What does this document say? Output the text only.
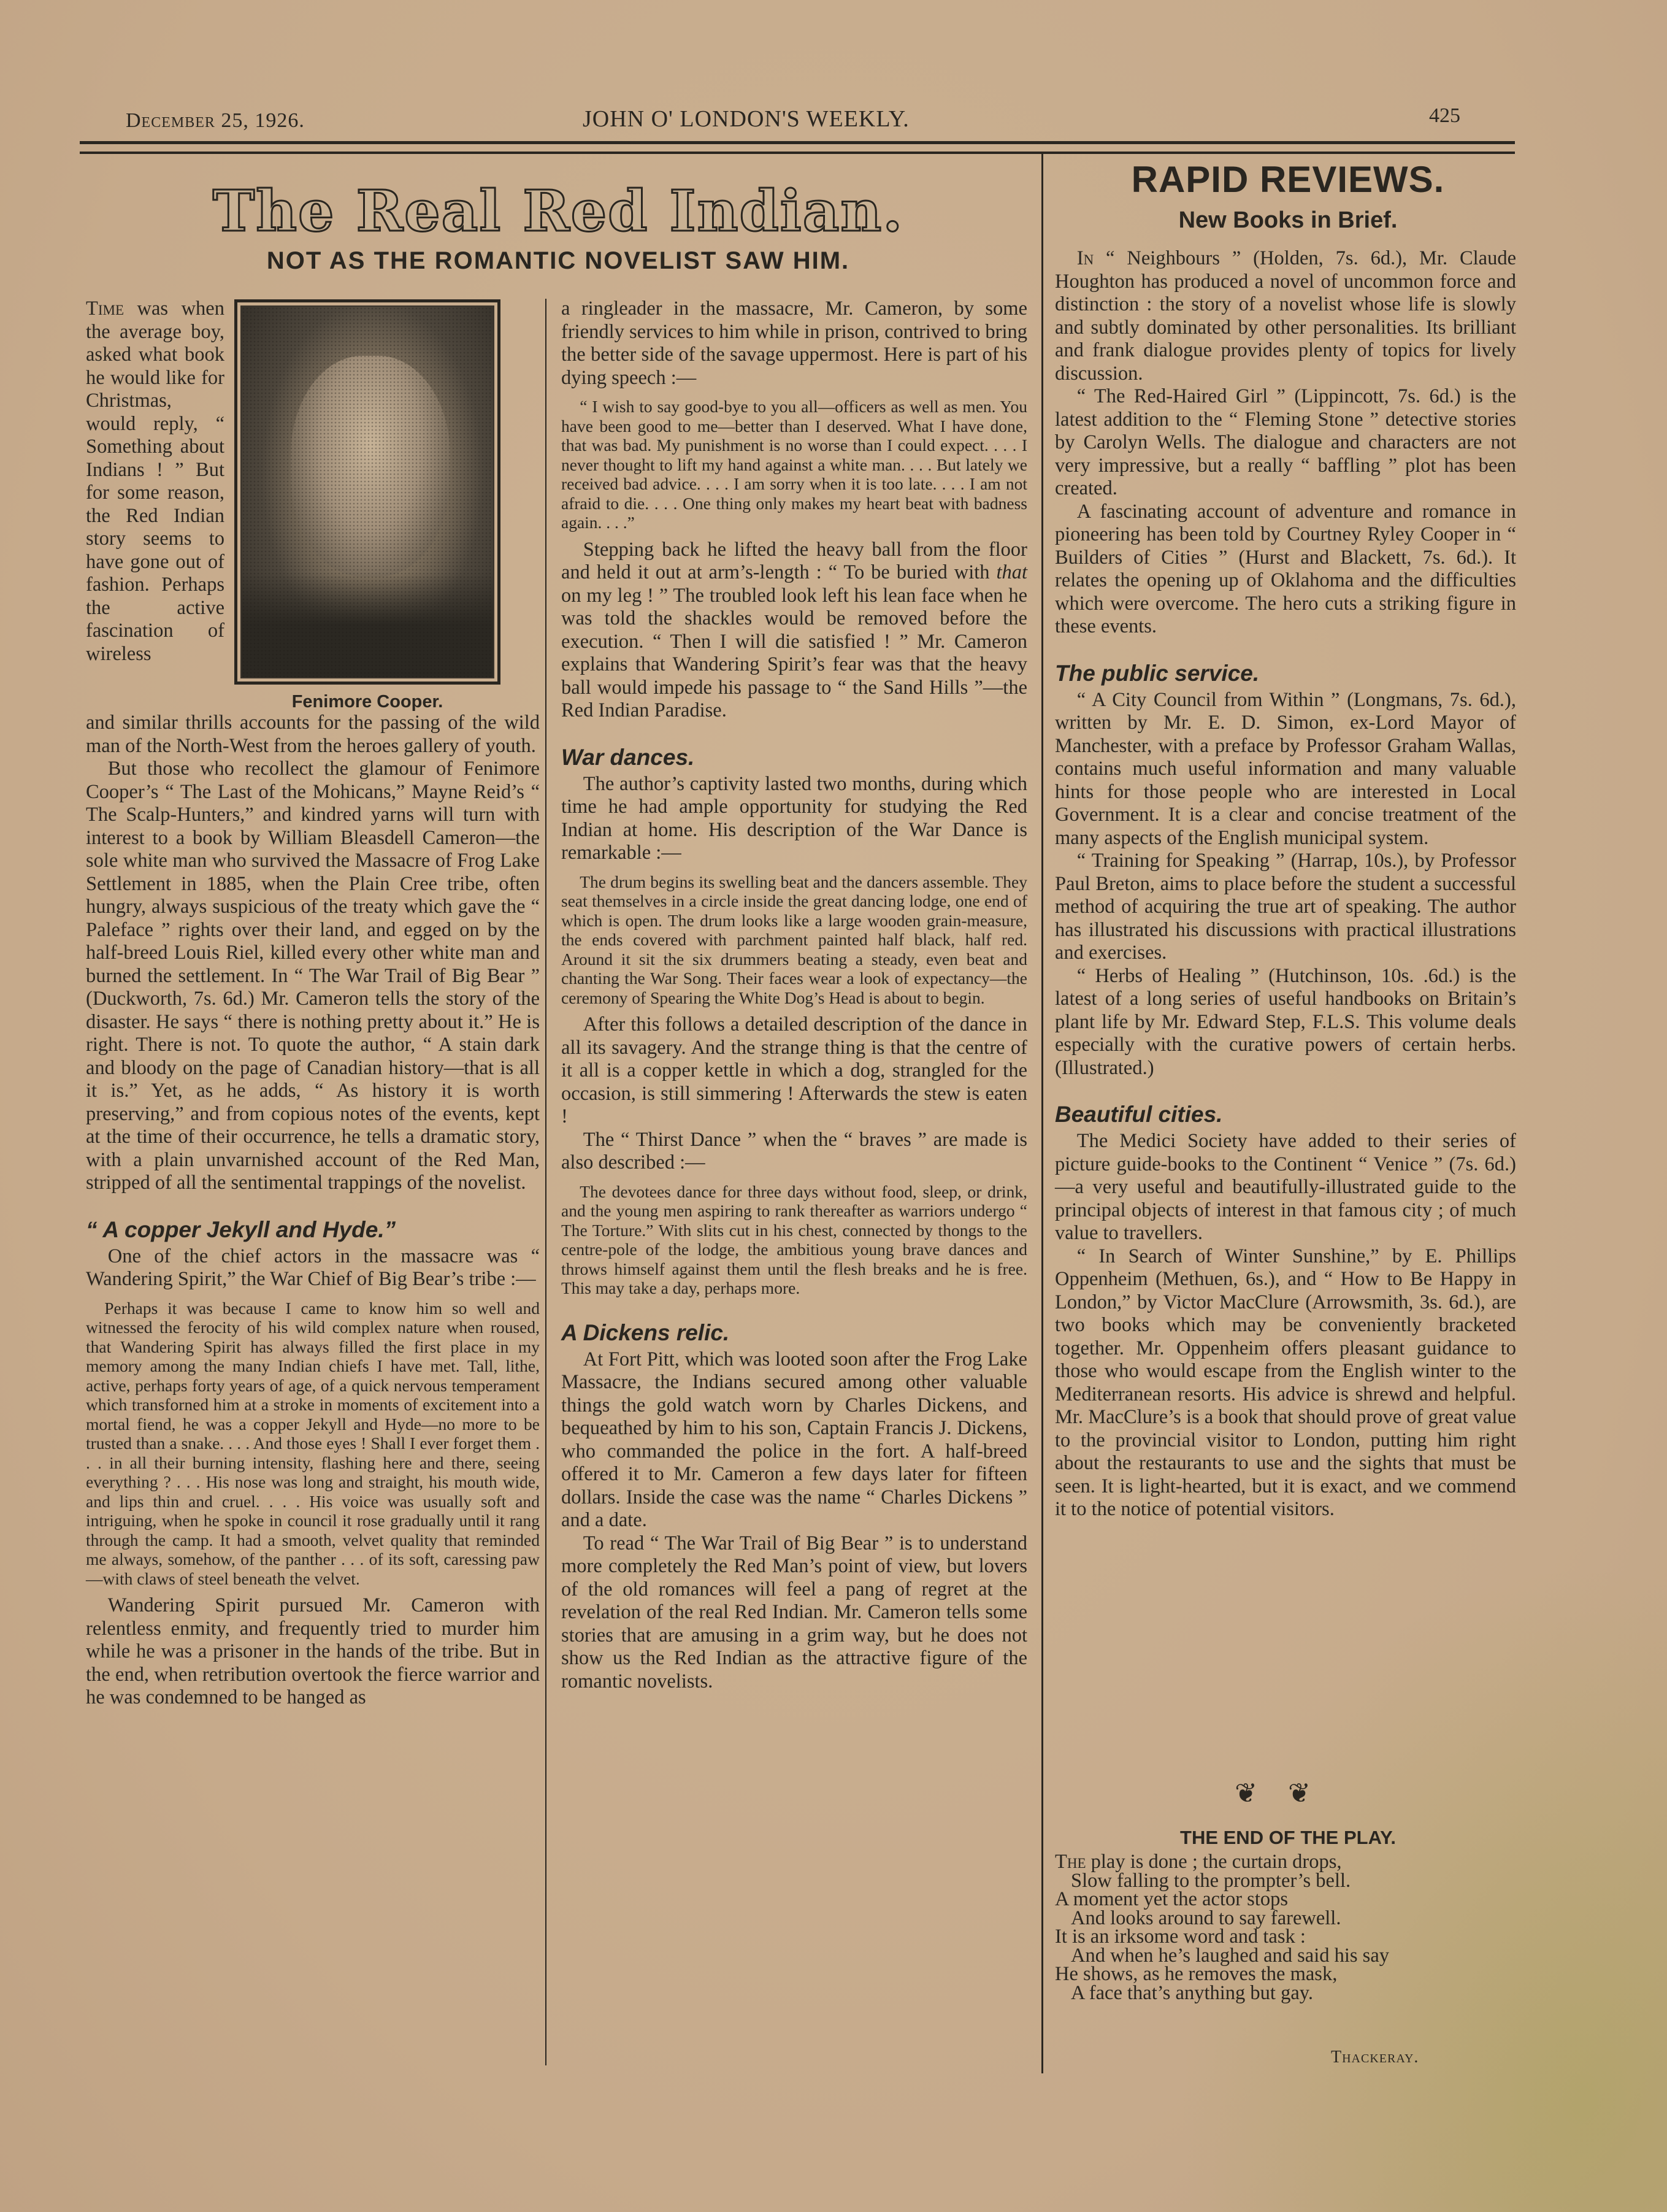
December 25, 1926.	JOHN O' LONDON'S WEEKLY.	425
The Real Red Indian.
NOT AS THE ROMANTIC NOVELIST SAW HIM.

Time was when the average boy, asked what book he would like for Christmas, would reply, “ Something about Indians ! ” But for some reason, the Red Indian story seems to have gone out of fashion. Perhaps the active fascination of wireless

Fenimore Cooper.

and similar thrills accounts for the passing of the wild man of the North-West from the heroes gallery of youth.

But those who recollect the glamour of Fenimore Cooper’s “ The Last of the Mohicans,” Mayne Reid’s “ The Scalp-Hunters,” and kindred yarns will turn with interest to a book by William Bleasdell Cameron—the sole white man who survived the Massacre of Frog Lake Settlement in 1885, when the Plain Cree tribe, often hungry, always suspicious of the treaty which gave the “ Paleface ” rights over their land, and egged on by the half-breed Louis Riel, killed every other white man and burned the settlement. In “ The War Trail of Big Bear ” (Duckworth, 7s. 6d.) Mr. Cameron tells the story of the disaster. He says “ there is nothing pretty about it.” He is right. There is not. To quote the author, “ A stain dark and bloody on the page of Canadian history—that is all it is.” Yet, as he adds, “ As history it is worth preserving,” and from copious notes of the events, kept at the time of their occurrence, he tells a dramatic story, with a plain unvarnished account of the Red Man, stripped of all the sentimental trappings of the novelist.

“ A copper Jekyll and Hyde.”

One of the chief actors in the massacre was “ Wandering Spirit,” the War Chief of Big Bear’s tribe :—

Perhaps it was because I came to know him so well and witnessed the ferocity of his wild complex nature when roused, that Wandering Spirit has always filled the first place in my memory among the many Indian chiefs I have met. Tall, lithe, active, perhaps forty years of age, of a quick nervous temperament which transforned him at a stroke in moments of excitement into a mortal fiend, he was a copper Jekyll and Hyde—no more to be trusted than a snake. . . . And those eyes ! Shall I ever forget them . . . in all their burning intensity, flashing here and there, seeing everything ? . . . His nose was long and straight, his mouth wide, and lips thin and cruel. . . . His voice was usually soft and intriguing, when he spoke in council it rose gradually until it rang through the camp. It had a smooth, velvet quality that reminded me always, somehow, of the panther . . . of its soft, caressing paw—with claws of steel beneath the velvet.

Wandering Spirit pursued Mr. Cameron with relentless enmity, and frequently tried to murder him while he was a prisoner in the hands of the tribe. But in the end, when retribution overtook the fierce warrior and he was condemned to be hanged as

a ringleader in the massacre, Mr. Cameron, by some friendly services to him while in prison, contrived to bring the better side of the savage uppermost. Here is part of his dying speech :—

“ I wish to say good-bye to you all—officers as well as men. You have been good to me—better than I deserved. What I have done, that was bad. My punishment is no worse than I could expect. . . . I never thought to lift my hand against a white man. . . . But lately we received bad advice. . . . I am sorry when it is too late. . . . I am not afraid to die. . . . One thing only makes my heart beat with badness again. . . .”

Stepping back he lifted the heavy ball from the floor and held it out at arm’s-length : “ To be buried with that on my leg ! ” The troubled look left his lean face when he was told the shackles would be removed before the execution. “ Then I will die satisfied ! ” Mr. Cameron explains that Wandering Spirit’s fear was that the heavy ball would impede his passage to “ the Sand Hills ”—the Red Indian Paradise.

War dances.

The author’s captivity lasted two months, during which time he had ample opportunity for studying the Red Indian at home. His description of the War Dance is remarkable :—

The drum begins its swelling beat and the dancers assemble. They seat themselves in a circle inside the great dancing lodge, one end of which is open. The drum looks like a large wooden grain-measure, the ends covered with parchment painted half black, half red. Around it sit the six drummers beating a steady, even beat and chanting the War Song. Their faces wear a look of expectancy—the ceremony of Spearing the White Dog’s Head is about to begin.

After this follows a detailed description of the dance in all its savagery. And the strange thing is that the centre of it all is a copper kettle in which a dog, strangled for the occasion, is still simmering ! Afterwards the stew is eaten !

The “ Thirst Dance ” when the “ braves ” are made is also described :—

The devotees dance for three days without food, sleep, or drink, and the young men aspiring to rank thereafter as warriors undergo “ The Torture.” With slits cut in his chest, connected by thongs to the centre-pole of the lodge, the ambitious young brave dances and throws himself against them until the flesh breaks and he is free. This may take a day, perhaps more.

A Dickens relic.

At Fort Pitt, which was looted soon after the Frog Lake Massacre, the Indians secured among other valuable things the gold watch worn by Charles Dickens, and bequeathed by him to his son, Captain Francis J. Dickens, who commanded the police in the fort. A half-breed offered it to Mr. Cameron a few days later for fifteen dollars. Inside the case was the name “ Charles Dickens ” and a date.

To read “ The War Trail of Big Bear ” is to understand more completely the Red Man’s point of view, but lovers of the old romances will feel a pang of regret at the revelation of the real Red Indian. Mr. Cameron tells some stories that are amusing in a grim way, but he does not show us the Red Indian as the attractive figure of the romantic novelists.

RAPID REVIEWS.
New Books in Brief.

In “ Neighbours ” (Holden, 7s. 6d.), Mr. Claude Houghton has produced a novel of uncommon force and distinction : the story of a novelist whose life is slowly and subtly dominated by other personalities. Its brilliant and frank dialogue provides plenty of topics for lively discussion.

“ The Red-Haired Girl ” (Lippincott, 7s. 6d.) is the latest addition to the “ Fleming Stone ” detective stories by Carolyn Wells. The dialogue and characters are not very impressive, but a really “ baffling ” plot has been created.

A fascinating account of adventure and romance in pioneering has been told by Courtney Ryley Cooper in “ Builders of Cities ” (Hurst and Blackett, 7s. 6d.). It relates the opening up of Oklahoma and the difficulties which were overcome. The hero cuts a striking figure in these events.

The public service.

“ A City Council from Within ” (Longmans, 7s. 6d.), written by Mr. E. D. Simon, ex-Lord Mayor of Manchester, with a preface by Professor Graham Wallas, contains much useful information and many valuable hints for those people who are interested in Local Government. It is a clear and concise treatment of the many aspects of the English municipal system.

“ Training for Speaking ” (Harrap, 10s.), by Professor Paul Breton, aims to place before the student a successful method of acquiring the true art of speaking. The author has illustrated his discussions with practical illustrations and exercises.

“ Herbs of Healing ” (Hutchinson, 10s. .6d.) is the latest of a long series of useful handbooks on Britain’s plant life by Mr. Edward Step, F.L.S. This volume deals especially with the curative powers of certain herbs. (Illustrated.)

Beautiful cities.

The Medici Society have added to their series of picture guide-books to the Continent “ Venice ” (7s. 6d.)—a very useful and beautifully-illustrated guide to the principal objects of interest in that famous city ; of much value to travellers.

“ In Search of Winter Sunshine,” by E. Phillips Oppenheim (Methuen, 6s.), and “ How to Be Happy in London,” by Victor MacClure (Arrowsmith, 3s. 6d.), are two books which may be conveniently bracketed together. Mr. Oppenheim offers pleasant guidance to those who would escape from the English winter to the Mediterranean resorts. His advice is shrewd and helpful. Mr. MacClure’s is a book that should prove of great value to the provincial visitor to London, putting him right about the restaurants to use and the sights that must be seen. It is light-hearted, but it is exact, and we commend it to the notice of potential visitors.

❦❦
THE END OF THE PLAY.
The play is done ; the curtain drops,
Slow falling to the prompter’s bell.
A moment yet the actor stops
And looks around to say farewell.
It is an irksome word and task :
And when he’s laughed and said his say
He shows, as he removes the mask,
A face that’s anything but gay.
Thackeray.
